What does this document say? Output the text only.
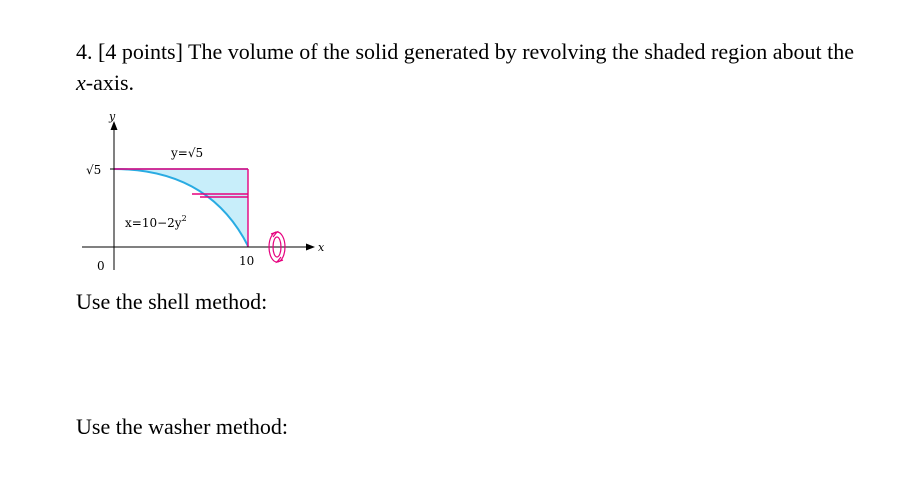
4. [4 points] The volume of the solid generated by revolving the shaded region about the x-axis.

y
x
0
√5
10
y=√5
$x=10-2y^2$

Use the shell method:

Use the washer method:
